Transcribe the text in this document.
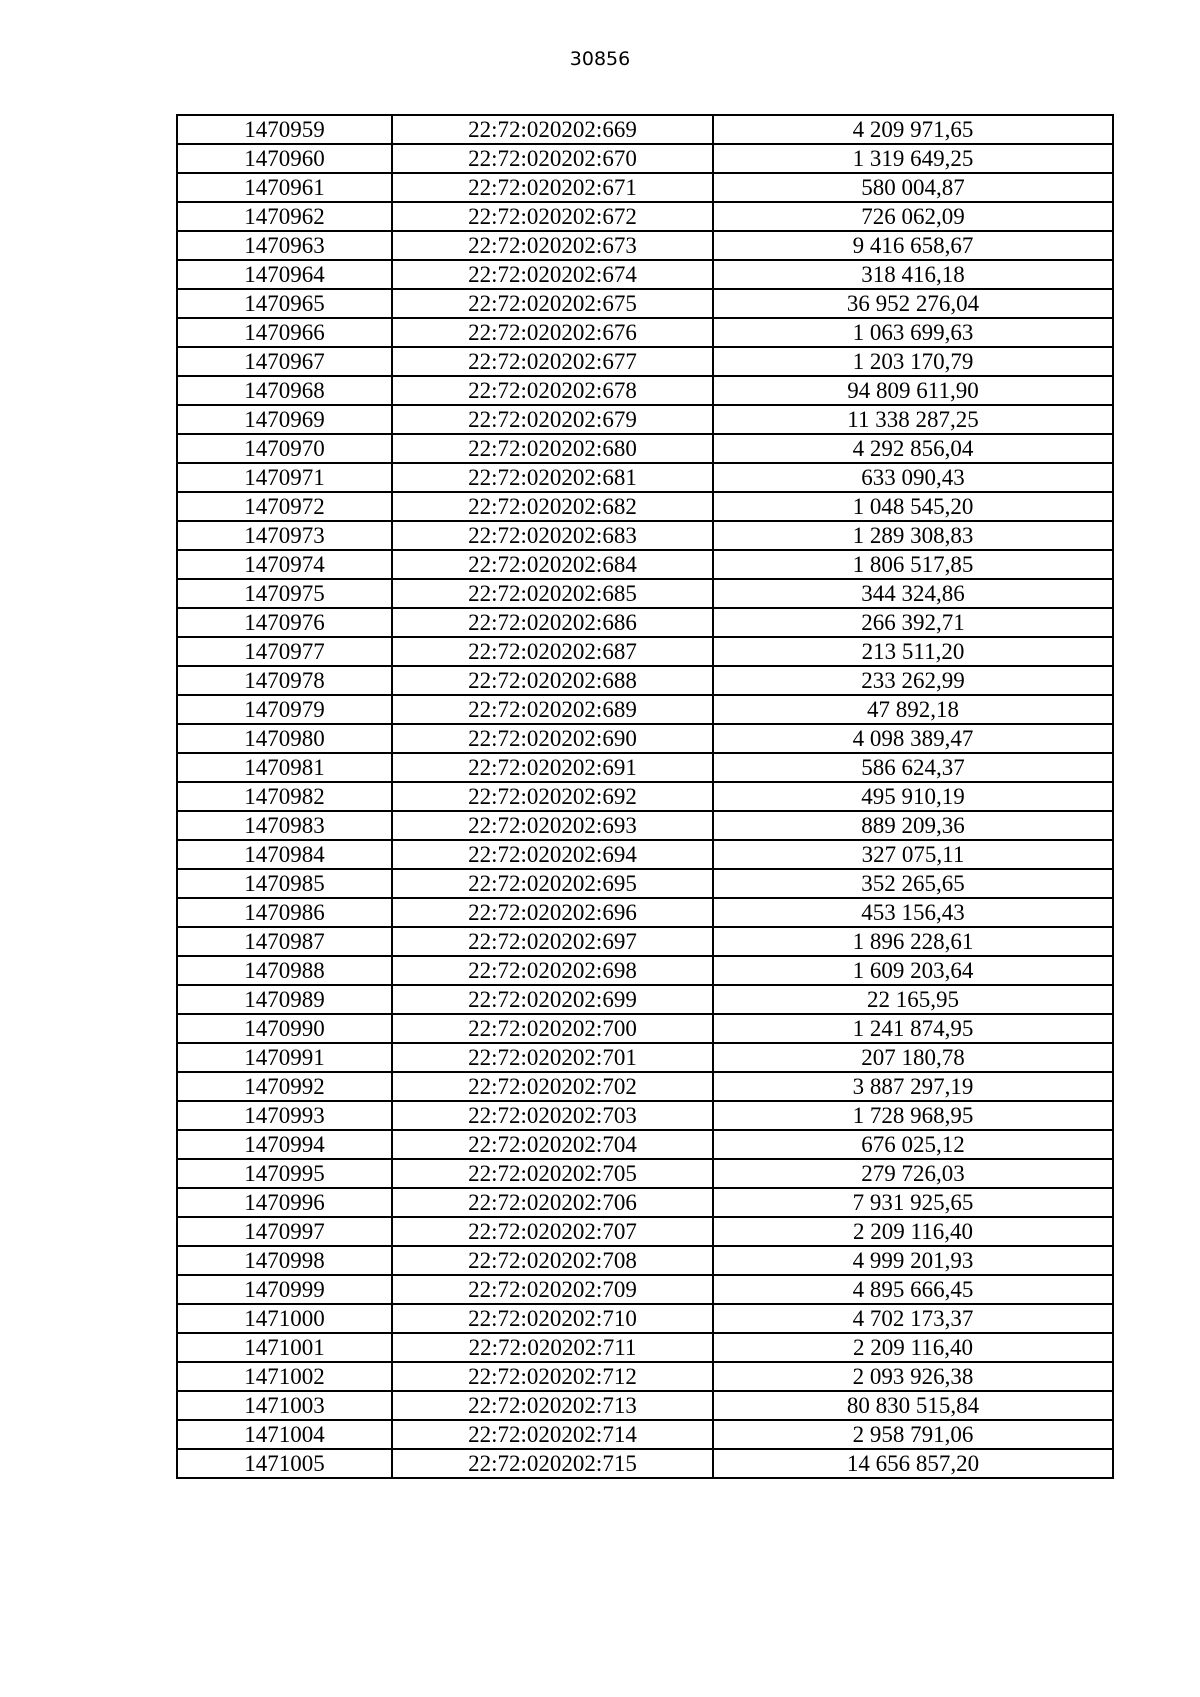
30856
1470959	22:72:020202:669	4 209 971,65
1470960	22:72:020202:670	1 319 649,25
1470961	22:72:020202:671	580 004,87
1470962	22:72:020202:672	726 062,09
1470963	22:72:020202:673	9 416 658,67
1470964	22:72:020202:674	318 416,18
1470965	22:72:020202:675	36 952 276,04
1470966	22:72:020202:676	1 063 699,63
1470967	22:72:020202:677	1 203 170,79
1470968	22:72:020202:678	94 809 611,90
1470969	22:72:020202:679	11 338 287,25
1470970	22:72:020202:680	4 292 856,04
1470971	22:72:020202:681	633 090,43
1470972	22:72:020202:682	1 048 545,20
1470973	22:72:020202:683	1 289 308,83
1470974	22:72:020202:684	1 806 517,85
1470975	22:72:020202:685	344 324,86
1470976	22:72:020202:686	266 392,71
1470977	22:72:020202:687	213 511,20
1470978	22:72:020202:688	233 262,99
1470979	22:72:020202:689	47 892,18
1470980	22:72:020202:690	4 098 389,47
1470981	22:72:020202:691	586 624,37
1470982	22:72:020202:692	495 910,19
1470983	22:72:020202:693	889 209,36
1470984	22:72:020202:694	327 075,11
1470985	22:72:020202:695	352 265,65
1470986	22:72:020202:696	453 156,43
1470987	22:72:020202:697	1 896 228,61
1470988	22:72:020202:698	1 609 203,64
1470989	22:72:020202:699	22 165,95
1470990	22:72:020202:700	1 241 874,95
1470991	22:72:020202:701	207 180,78
1470992	22:72:020202:702	3 887 297,19
1470993	22:72:020202:703	1 728 968,95
1470994	22:72:020202:704	676 025,12
1470995	22:72:020202:705	279 726,03
1470996	22:72:020202:706	7 931 925,65
1470997	22:72:020202:707	2 209 116,40
1470998	22:72:020202:708	4 999 201,93
1470999	22:72:020202:709	4 895 666,45
1471000	22:72:020202:710	4 702 173,37
1471001	22:72:020202:711	2 209 116,40
1471002	22:72:020202:712	2 093 926,38
1471003	22:72:020202:713	80 830 515,84
1471004	22:72:020202:714	2 958 791,06
1471005	22:72:020202:715	14 656 857,20
